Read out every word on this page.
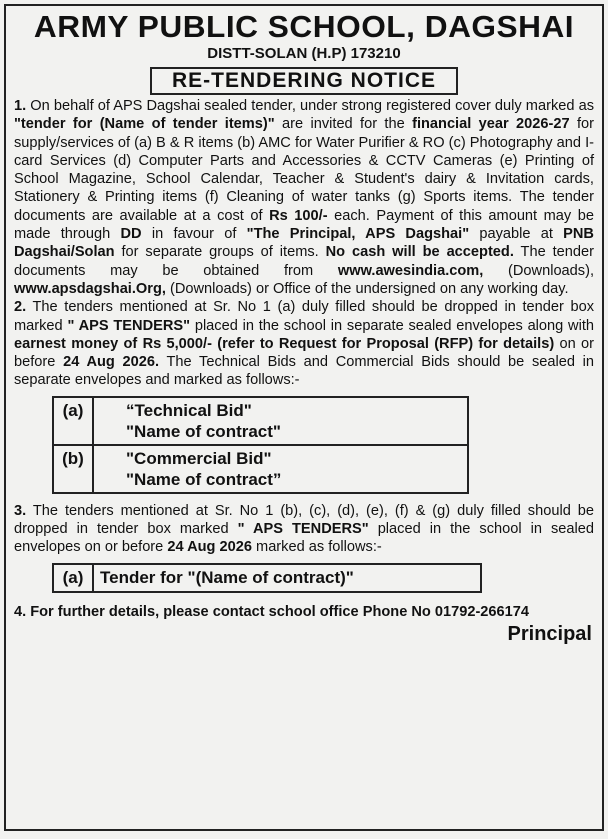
ARMY PUBLIC SCHOOL, DAGSHAI
DISTT-SOLAN (H.P) 173210
RE-TENDERING NOTICE

1. On behalf of APS Dagshai sealed tender, under strong registered cover duly marked as "tender for (Name of tender items)" are invited for the financial year 2026-27 for supply/services of (a) B & R items (b) AMC for Water Purifier & RO (c) Photography and I-card Services (d) Computer Parts and Accessories & CCTV Cameras (e) Printing of School Magazine, School Calendar, Teacher & Student's dairy & Invitation cards, Stationery & Printing items (f) Cleaning of water tanks (g) Sports items. The tender documents are available at a cost of Rs 100/- each. Payment of this amount may be made through DD in favour of "The Principal, APS Dagshai" payable at PNB Dagshai/Solan for separate groups of items. No cash will be accepted. The tender documents may be obtained from www.awesindia.com, (Downloads), www.apsdagshai.Org, (Downloads) or Office of the undersigned on any working day.

2. The tenders mentioned at Sr. No 1 (a) duly filled should be dropped in tender box marked " APS TENDERS" placed in the school in separate sealed envelopes along with earnest money of Rs 5,000/- (refer to Request for Proposal (RFP) for details) on or before 24 Aug 2026. The Technical Bids and Commercial Bids should be sealed in separate envelopes and marked as follows:-

(a)	“Technical Bid"
"Name of contract"

(b)	"Commercial Bid"
"Name of contract”

3. The tenders mentioned at Sr. No 1 (b), (c), (d), (e), (f) & (g) duly filled should be dropped in tender box marked " APS TENDERS" placed in the school in sealed envelopes on or before 24 Aug 2026 marked as follows:-

(a)	Tender for "(Name of contract)"

4. For further details, please contact school office Phone No 01792-266174

Principal
